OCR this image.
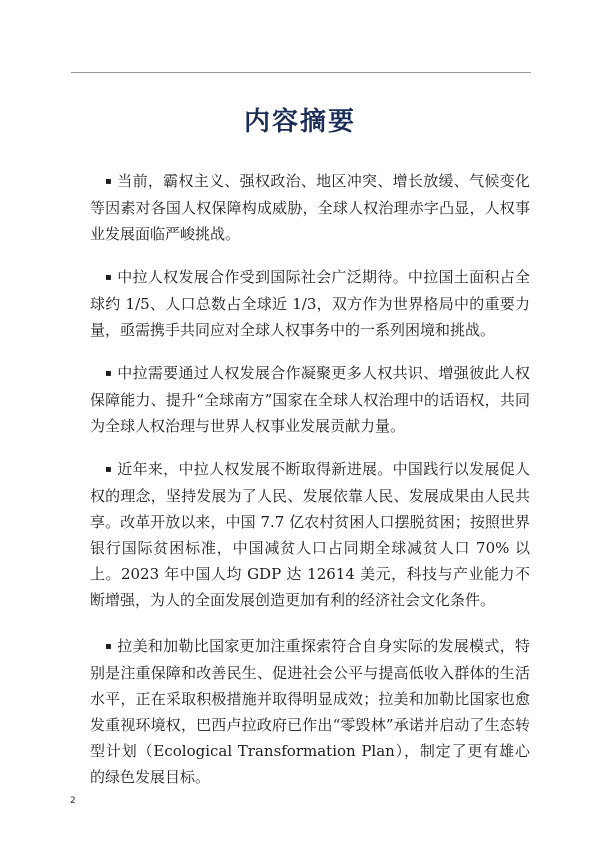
内容摘要

▪ 当前，霸权主义、强权政治、地区冲突、增长放缓、气候变化等因素对各国人权保障构成威胁，全球人权治理赤字凸显，人权事业发展面临严峻挑战。

▪ 中拉人权发展合作受到国际社会广泛期待。中拉国土面积占全球约 1/5、人口总数占全球近 1/3，双方作为世界格局中的重要力量，亟需携手共同应对全球人权事务中的一系列困境和挑战。

▪ 中拉需要通过人权发展合作凝聚更多人权共识、增强彼此人权保障能力、提升“全球南方”国家在全球人权治理中的话语权，共同为全球人权治理与世界人权事业发展贡献力量。

▪ 近年来，中拉人权发展不断取得新进展。中国践行以发展促人权的理念，坚持发展为了人民、发展依靠人民、发展成果由人民共享。改革开放以来，中国 7.7 亿农村贫困人口摆脱贫困；按照世界银行国际贫困标准，中国减贫人口占同期全球减贫人口 70% 以上。2023 年中国人均 GDP 达 12614 美元，科技与产业能力不断增强，为人的全面发展创造更加有利的经济社会文化条件。

▪ 拉美和加勒比国家更加注重探索符合自身实际的发展模式，特别是注重保障和改善民生、促进社会公平与提高低收入群体的生活水平，正在采取积极措施并取得明显成效；拉美和加勒比国家也愈发重视环境权，巴西卢拉政府已作出“零毁林”承诺并启动了生态转型计划（Ecological Transformation Plan），制定了更有雄心的绿色发展目标。

2
